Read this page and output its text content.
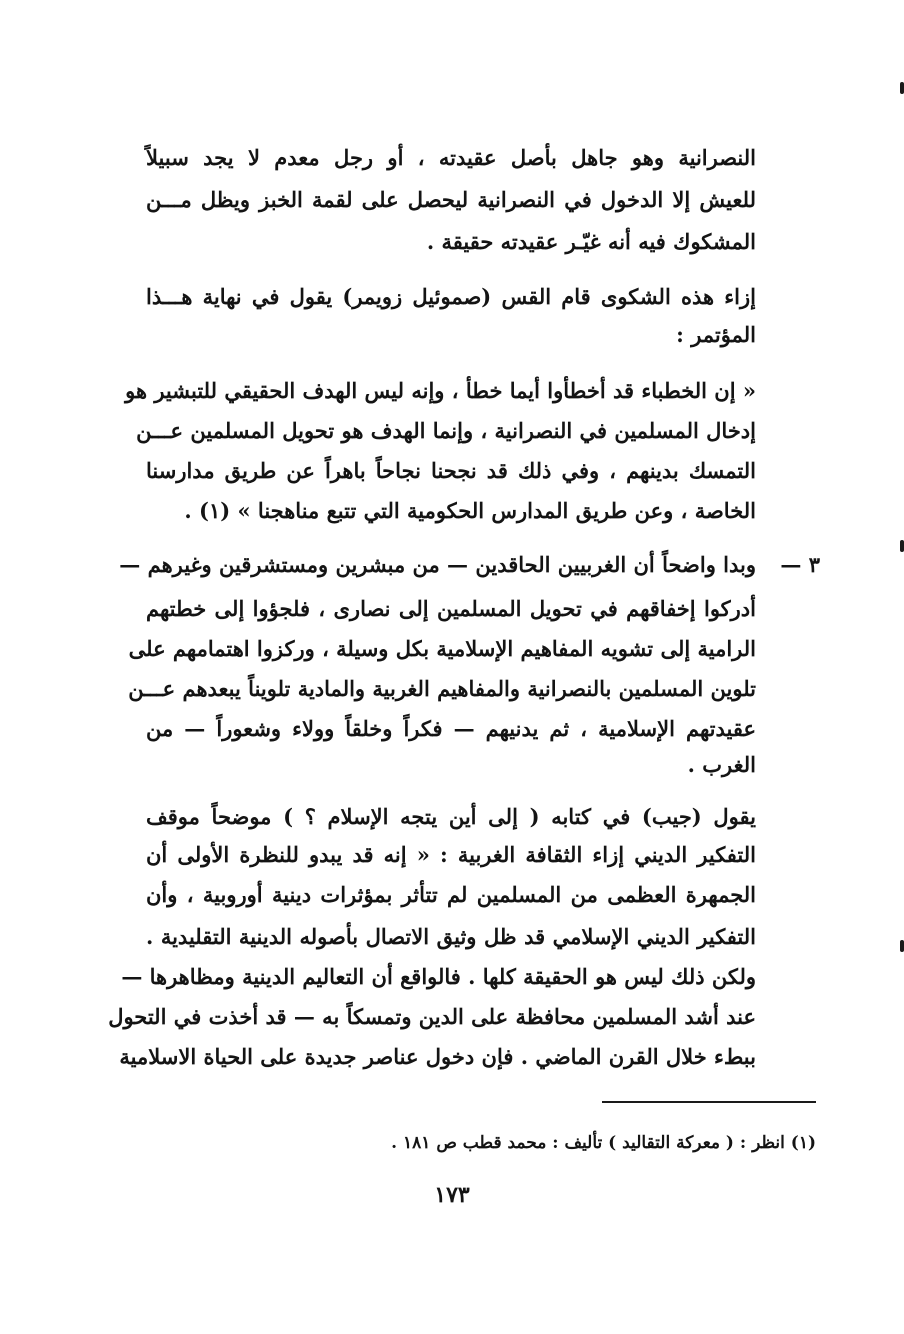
النصرانية وهو جاهل بأصل عقيدته ، أو رجل معدم لا يجد سبيلاً
للعيش إلا الدخول في النصرانية ليحصل على لقمة الخبز ويظل مـــن
المشكوك فيه أنه غيّـر عقيدته حقيقة .
إزاء هذه الشكوى قام القس (صموئيل زويمر) يقول في نهاية هـــذا
المؤتمر :
« إن الخطباء قد أخطأوا أيما خطأ ، وإنه ليس الهدف الحقيقي للتبشير هو
إدخال المسلمين في النصرانية ، وإنما الهدف هو تحويل المسلمين عـــن
التمسك بدينهم ، وفي ذلك قد نجحنا نجاحاً باهراً عن طريق مدارسنا
الخاصة ، وعن طريق المدارس الحكومية التي تتبع مناهجنا » (١) .
٣ —
وبدا واضحاً أن الغربيين الحاقدين — من مبشرين ومستشرقين وغيرهم —
أدركوا إخفاقهم في تحويل المسلمين إلى نصارى ، فلجؤوا إلى خطتهم
الرامية إلى تشويه المفاهيم الإسلامية بكل وسيلة ، وركزوا اهتمامهم على
تلوين المسلمين بالنصرانية والمفاهيم الغربية والمادية تلويناً يبعدهم عـــن
عقيدتهم الإسلامية ، ثم يدنيهم — فكراً وخلقاً وولاء وشعوراً — من
الغرب .
يقول (جيب) في كتابه ( إلى أين يتجه الإسلام ؟ ) موضحاً موقف
التفكير الديني إزاء الثقافة الغربية : « إنه قد يبدو للنظرة الأولى أن
الجمهرة العظمى من المسلمين لم تتأثر بمؤثرات دينية أوروبية ، وأن
التفكير الديني الإسلامي قد ظل وثيق الاتصال بأصوله الدينية التقليدية .
ولكن ذلك ليس هو الحقيقة كلها . فالواقع أن التعاليم الدينية ومظاهرها —
عند أشد المسلمين محافظة على الدين وتمسكاً به — قد أخذت في التحول
ببطء خلال القرن الماضي . فإن دخول عناصر جديدة على الحياة الاسلامية
(١) انظر : ( معركة التقاليد ) تأليف : محمد قطب ص ١٨١ .
١٧٣
